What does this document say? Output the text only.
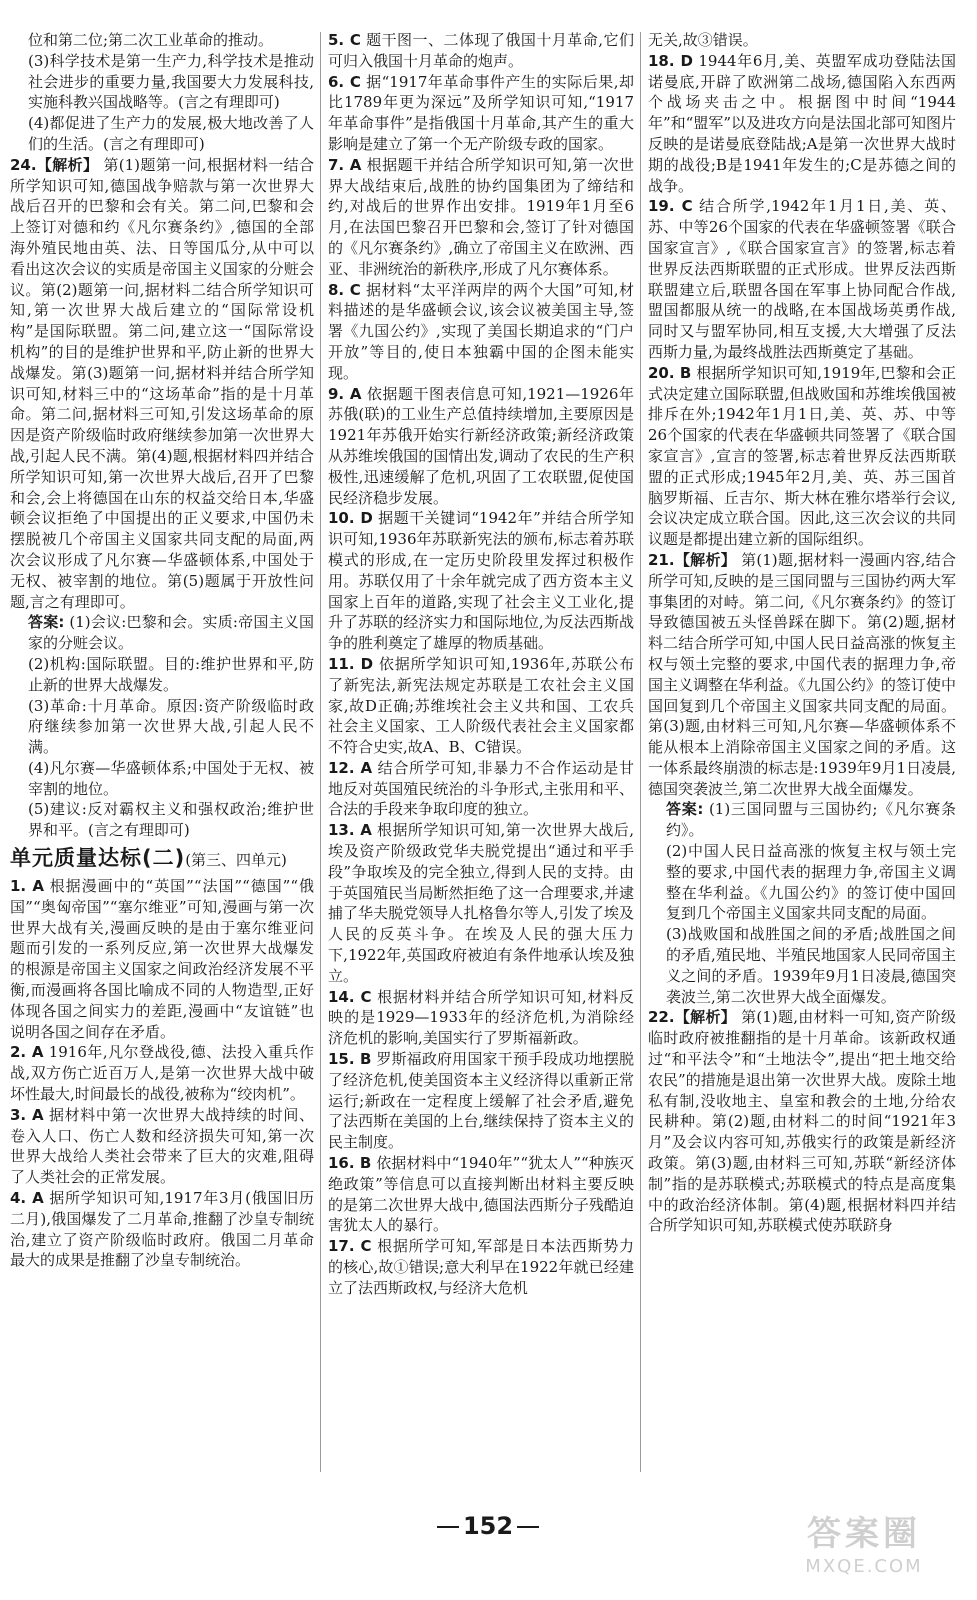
位和第二位;第二次工业革命的推动。

(3)科学技术是第一生产力,科学技术是推动社会进步的重要力量,我国要大力发展科技,实施科教兴国战略等。(言之有理即可)

(4)都促进了生产力的发展,极大地改善了人们的生活。(言之有理即可)

24.【解析】 第(1)题第一问,根据材料一结合所学知识可知,德国战争赔款与第一次世界大战后召开的巴黎和会有关。第二问,巴黎和会上签订对德和约《凡尔赛条约》,德国的全部海外殖民地由英、法、日等国瓜分,从中可以看出这次会议的实质是帝国主义国家的分赃会议。第(2)题第一问,据材料二结合所学知识可知,第一次世界大战后建立的“国际常设机构”是国际联盟。第二问,建立这一“国际常设机构”的目的是维护世界和平,防止新的世界大战爆发。第(3)题第一问,据材料并结合所学知识可知,材料三中的“这场革命”指的是十月革命。第二问,据材料三可知,引发这场革命的原因是资产阶级临时政府继续参加第一次世界大战,引起人民不满。第(4)题,根据材料四并结合所学知识可知,第一次世界大战后,召开了巴黎和会,会上将德国在山东的权益交给日本,华盛顿会议拒绝了中国提出的正义要求,中国仍未摆脱被几个帝国主义国家共同支配的局面,两次会议形成了凡尔赛—华盛顿体系,中国处于无权、被宰割的地位。第(5)题属于开放性问题,言之有理即可。

答案: (1)会议:巴黎和会。实质:帝国主义国家的分赃会议。

(2)机构:国际联盟。目的:维护世界和平,防止新的世界大战爆发。

(3)革命:十月革命。原因:资产阶级临时政府继续参加第一次世界大战,引起人民不满。

(4)凡尔赛—华盛顿体系;中国处于无权、被宰割的地位。

(5)建议:反对霸权主义和强权政治;维护世界和平。(言之有理即可)

单元质量达标(二)(第三、四单元)

1. A 根据漫画中的“英国”“法国”“德国”“俄国”“奥匈帝国”“塞尔维亚”可知,漫画与第一次世界大战有关,漫画反映的是由于塞尔维亚问题而引发的一系列反应,第一次世界大战爆发的根源是帝国主义国家之间政治经济发展不平衡,而漫画将各国比喻成不同的人物造型,正好体现各国之间实力的差距,漫画中“友谊链”也说明各国之间存在矛盾。

2. A 1916年,凡尔登战役,德、法投入重兵作战,双方伤亡近百万人,是第一次世界大战中破坏性最大,时间最长的战役,被称为“绞肉机”。

3. A 据材料中第一次世界大战持续的时间、卷入人口、伤亡人数和经济损失可知,第一次世界大战给人类社会带来了巨大的灾难,阻碍了人类社会的正常发展。

4. A 据所学知识可知,1917年3月(俄国旧历二月),俄国爆发了二月革命,推翻了沙皇专制统治,建立了资产阶级临时政府。俄国二月革命最大的成果是推翻了沙皇专制统治。

5. C 题干图一、二体现了俄国十月革命,它们可归入俄国十月革命的炮声。

6. C 据“1917年革命事件产生的实际后果,却比1789年更为深远”及所学知识可知,“1917年革命事件”是指俄国十月革命,其产生的重大影响是建立了第一个无产阶级专政的国家。

7. A 根据题干并结合所学知识可知,第一次世界大战结束后,战胜的协约国集团为了缔结和约,对战后的世界作出安排。1919年1月至6月,在法国巴黎召开巴黎和会,签订了针对德国的《凡尔赛条约》,确立了帝国主义在欧洲、西亚、非洲统治的新秩序,形成了凡尔赛体系。

8. C 据材料“太平洋两岸的两个大国”可知,材料描述的是华盛顿会议,该会议被美国主导,签署《九国公约》,实现了美国长期追求的“门户开放”等目的,使日本独霸中国的企图未能实现。

9. A 依据题干图表信息可知,1921—1926年苏俄(联)的工业生产总值持续增加,主要原因是1921年苏俄开始实行新经济政策;新经济政策从苏维埃俄国的国情出发,调动了农民的生产积极性,迅速缓解了危机,巩固了工农联盟,促使国民经济稳步发展。

10. D 据题干关键词“1942年”并结合所学知识可知,1936年苏联新宪法的颁布,标志着苏联模式的形成,在一定历史阶段里发挥过积极作用。苏联仅用了十余年就完成了西方资本主义国家上百年的道路,实现了社会主义工业化,提升了苏联的经济实力和国际地位,为反法西斯战争的胜利奠定了雄厚的物质基础。

11. D 依据所学知识可知,1936年,苏联公布了新宪法,新宪法规定苏联是工农社会主义国家,故D正确;苏维埃社会主义共和国、工农兵社会主义国家、工人阶级代表社会主义国家都不符合史实,故A、B、C错误。

12. A 结合所学可知,非暴力不合作运动是甘地反对英国殖民统治的斗争形式,主张用和平、合法的手段来争取印度的独立。

13. A 根据所学知识可知,第一次世界大战后,埃及资产阶级政党华夫脱党提出“通过和平手段”争取埃及的完全独立,得到人民的支持。由于英国殖民当局断然拒绝了这一合理要求,并逮捕了华夫脱党领导人扎格鲁尔等人,引发了埃及人民的反英斗争。在埃及人民的强大压力下,1922年,英国政府被迫有条件地承认埃及独立。

14. C 根据材料并结合所学知识可知,材料反映的是1929—1933年的经济危机,为消除经济危机的影响,美国实行了罗斯福新政。

15. B 罗斯福政府用国家干预手段成功地摆脱了经济危机,使美国资本主义经济得以重新正常运行;新政在一定程度上缓解了社会矛盾,避免了法西斯在美国的上台,继续保持了资本主义的民主制度。

16. B 依据材料中“1940年”“犹太人”“种族灭绝政策”等信息可以直接判断出材料主要反映的是第二次世界大战中,德国法西斯分子残酷迫害犹太人的暴行。

17. C 根据所学可知,军部是日本法西斯势力的核心,故①错误;意大利早在1922年就已经建立了法西斯政权,与经济大危机

无关,故③错误。

18. D 1944年6月,美、英盟军成功登陆法国诺曼底,开辟了欧洲第二战场,德国陷入东西两个战场夹击之中。根据图中时间“1944年”和“盟军”以及进攻方向是法国北部可知图片反映的是诺曼底登陆战;A是第一次世界大战时期的战役;B是1941年发生的;C是苏德之间的战争。

19. C 结合所学,1942年1月1日,美、英、苏、中等26个国家的代表在华盛顿签署《联合国家宣言》,《联合国家宣言》的签署,标志着世界反法西斯联盟的正式形成。世界反法西斯联盟建立后,联盟各国在军事上协同配合作战,盟国都服从统一的战略,在本国战场英勇作战,同时又与盟军协同,相互支援,大大增强了反法西斯力量,为最终战胜法西斯奠定了基础。

20. B 根据所学知识可知,1919年,巴黎和会正式决定建立国际联盟,但战败国和苏维埃俄国被排斥在外;1942年1月1日,美、英、苏、中等26个国家的代表在华盛顿共同签署了《联合国家宣言》,宣言的签署,标志着世界反法西斯联盟的正式形成;1945年2月,美、英、苏三国首脑罗斯福、丘吉尔、斯大林在雅尔塔举行会议,会议决定成立联合国。因此,这三次会议的共同议题是都提出建立新的国际组织。

21.【解析】 第(1)题,据材料一漫画内容,结合所学可知,反映的是三国同盟与三国协约两大军事集团的对峙。第二问,《凡尔赛条约》的签订导致德国被五头怪兽踩在脚下。第(2)题,据材料二结合所学可知,中国人民日益高涨的恢复主权与领土完整的要求,中国代表的据理力争,帝国主义调整在华利益。《九国公约》的签订使中国回复到几个帝国主义国家共同支配的局面。第(3)题,由材料三可知,凡尔赛—华盛顿体系不能从根本上消除帝国主义国家之间的矛盾。这一体系最终崩溃的标志是:1939年9月1日凌晨,德国突袭波兰,第二次世界大战全面爆发。

答案: (1)三国同盟与三国协约;《凡尔赛条约》。

(2)中国人民日益高涨的恢复主权与领土完整的要求,中国代表的据理力争,帝国主义调整在华利益。《九国公约》的签订使中国回复到几个帝国主义国家共同支配的局面。

(3)战败国和战胜国之间的矛盾;战胜国之间的矛盾,殖民地、半殖民地国家人民同帝国主义之间的矛盾。1939年9月1日凌晨,德国突袭波兰,第二次世界大战全面爆发。

22.【解析】 第(1)题,由材料一可知,资产阶级临时政府被推翻指的是十月革命。该新政权通过“和平法令”和“土地法令”,提出“把土地交给农民”的措施是退出第一次世界大战。废除土地私有制,没收地主、皇室和教会的土地,分给农民耕种。第(2)题,由材料二的时间“1921年3月”及会议内容可知,苏俄实行的政策是新经济政策。第(3)题,由材料三可知,苏联“新经济体制”指的是苏联模式;苏联模式的特点是高度集中的政治经济体制。第(4)题,根据材料四并结合所学知识可知,苏联模式使苏联跻身

152	答案圈
MXQE.COM
